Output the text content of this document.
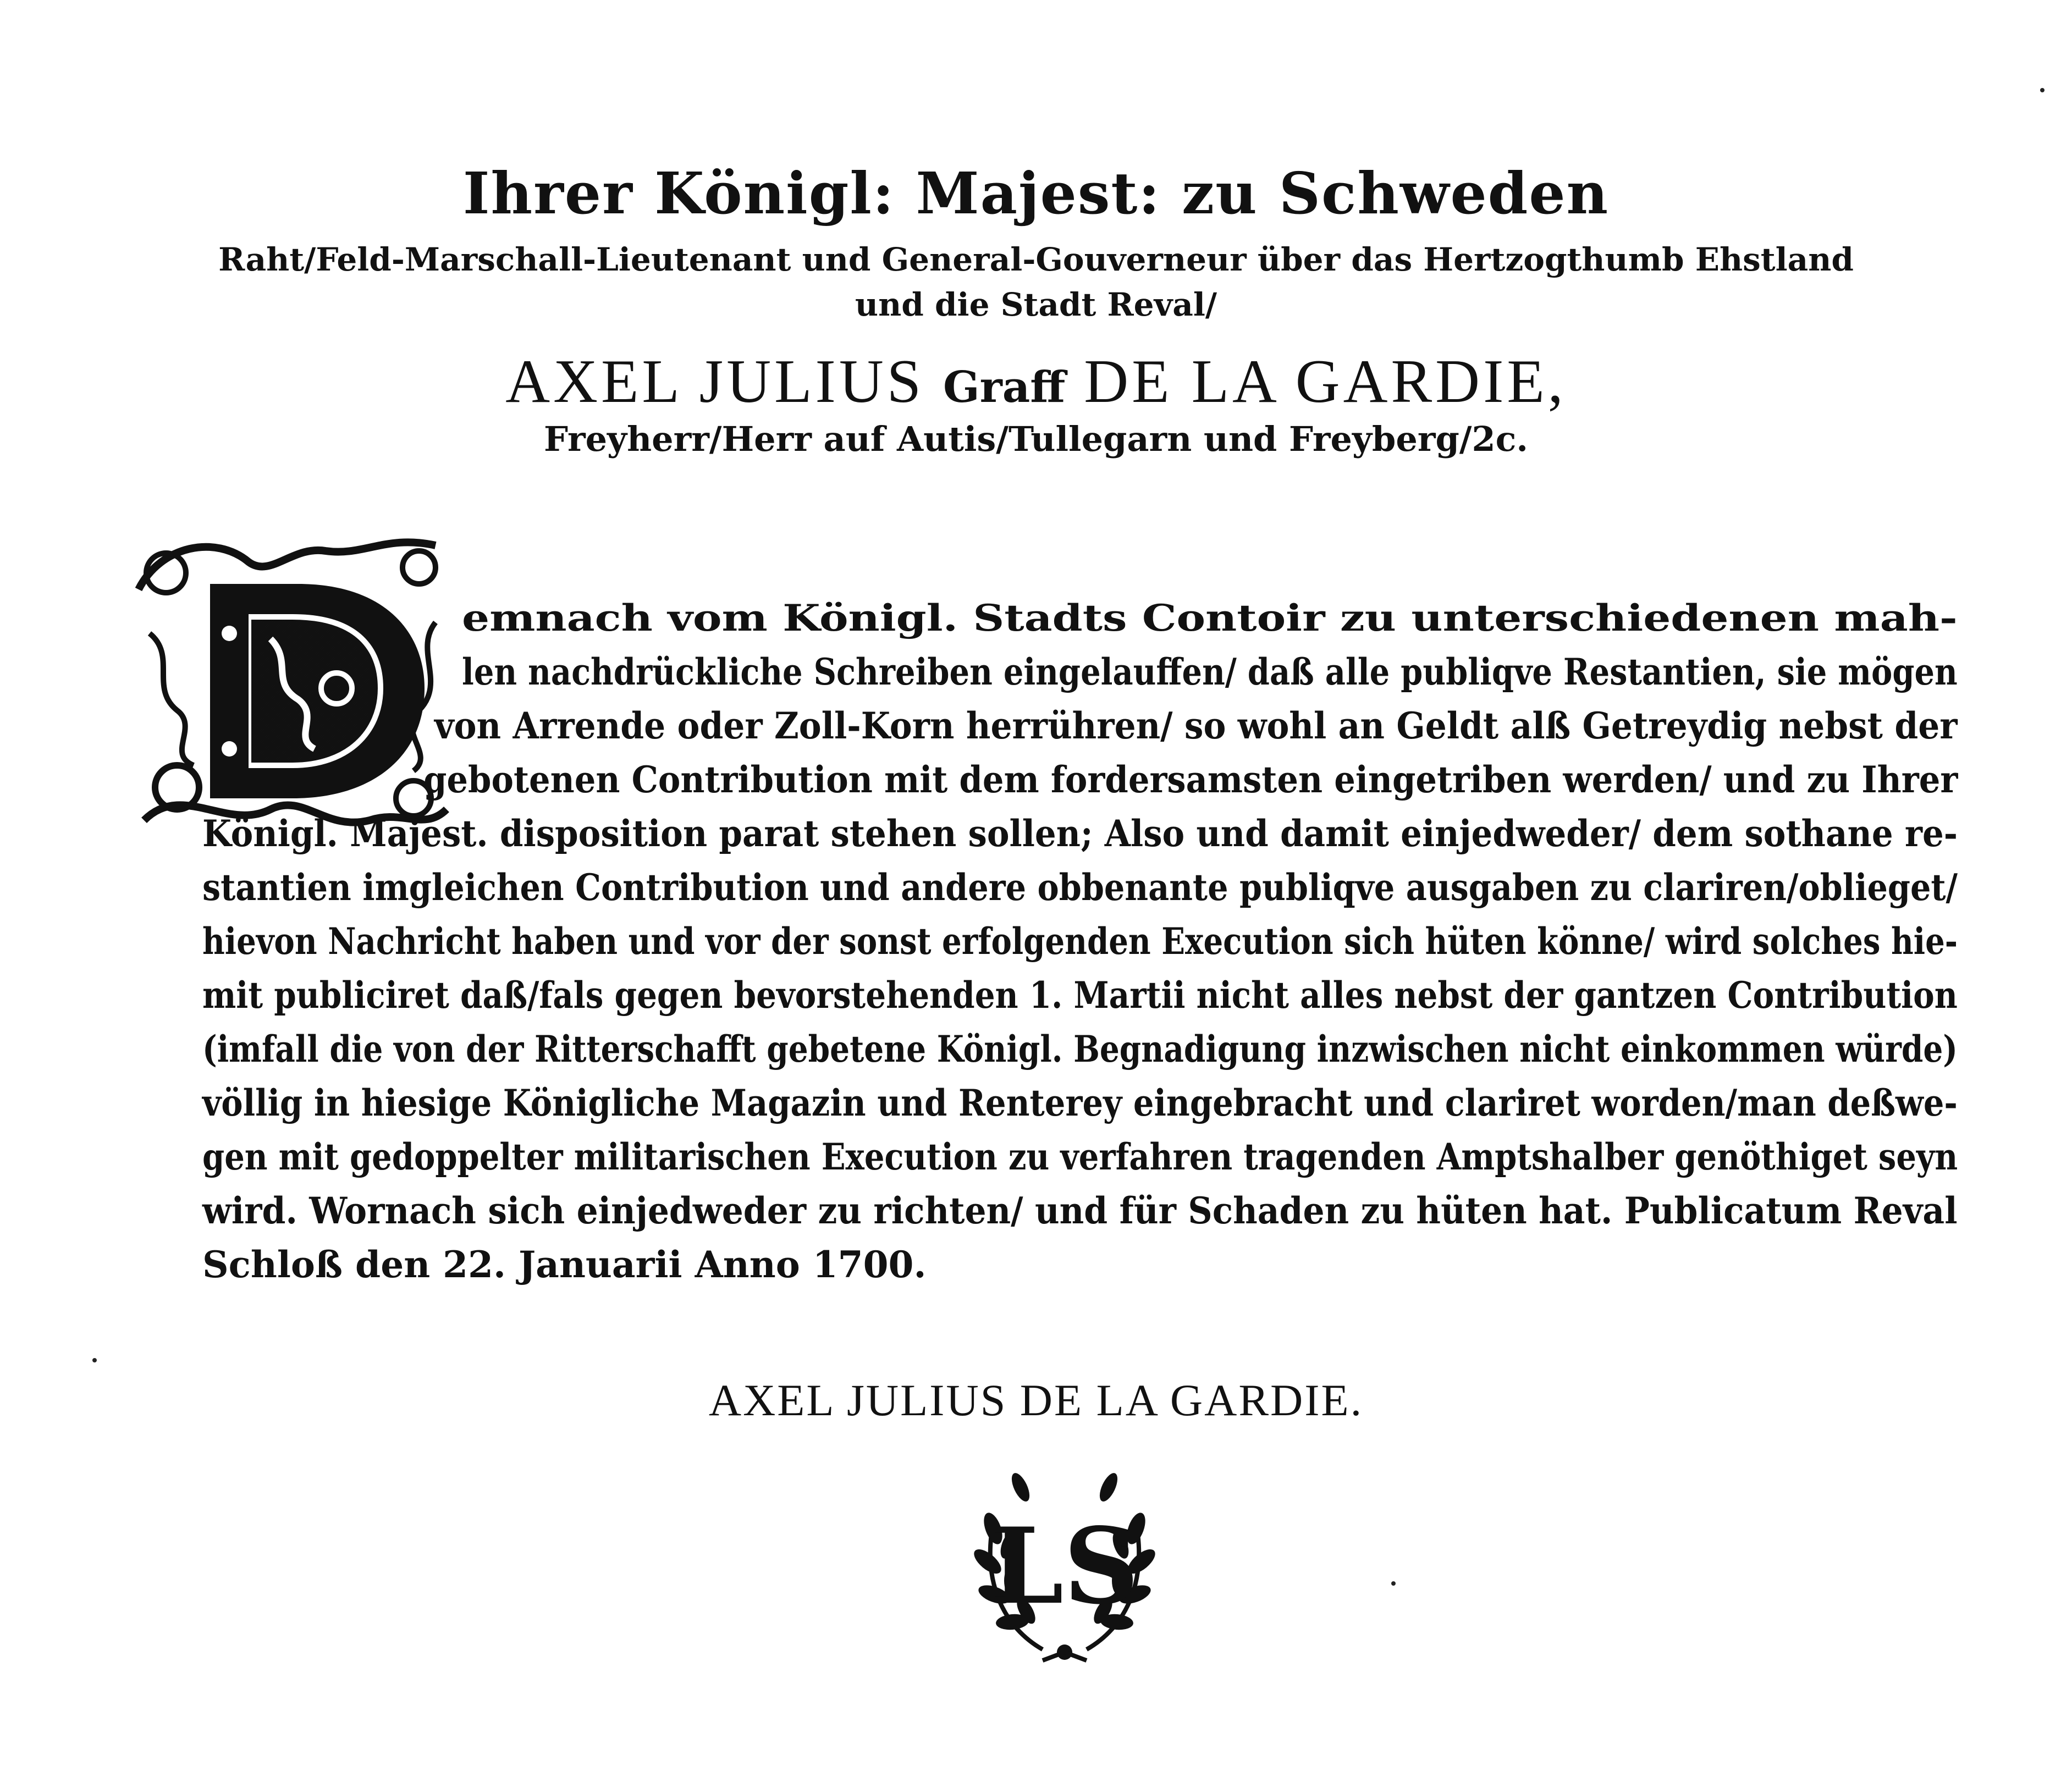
Ihrer Königl: Majest: zu Schweden
Raht/Feld-Marschall-Lieutenant und General-Gouverneur über das Hertzogthumb Ehstland
und die Stadt Reval/
AXEL JULIUS Graff DE LA GARDIE,
Freyherr/Herr auf Autis/Tullegarn und Freyberg/2c.
emnach vom Königl. Stadts Contoir zu unterschiedenen mah-
len nachdrückliche Schreiben eingelauffen/ daß alle publiqve Restantien, sie mögen
von Arrende oder Zoll-Korn herrühren/ so wohl an Geldt alß Getreydig nebst der
gebotenen Contribution mit dem fordersamsten eingetriben werden/ und zu Ihrer
Königl. Majest. disposition parat stehen sollen; Also und damit einjedweder/ dem sothane re-
stantien imgleichen Contribution und andere obbenante publiqve ausgaben zu clariren/oblieget/
hievon Nachricht haben und vor der sonst erfolgenden Execution sich hüten könne/ wird solches hie-
mit publiciret daß/fals gegen bevorstehenden 1. Martii nicht alles nebst der gantzen Contribution
(imfall die von der Ritterschafft gebetene Königl. Begnadigung inzwischen nicht einkommen würde)
völlig in hiesige Königliche Magazin und Renterey eingebracht und clariret worden/man deßwe-
gen mit gedoppelter militarischen Execution zu verfahren tragenden Amptshalber genöthiget seyn
wird. Wornach sich einjedweder zu richten/ und für Schaden zu hüten hat. Publicatum Reval
Schloß den 22. Januarii Anno 1700.
AXEL JULIUS DE LA GARDIE.
LS
